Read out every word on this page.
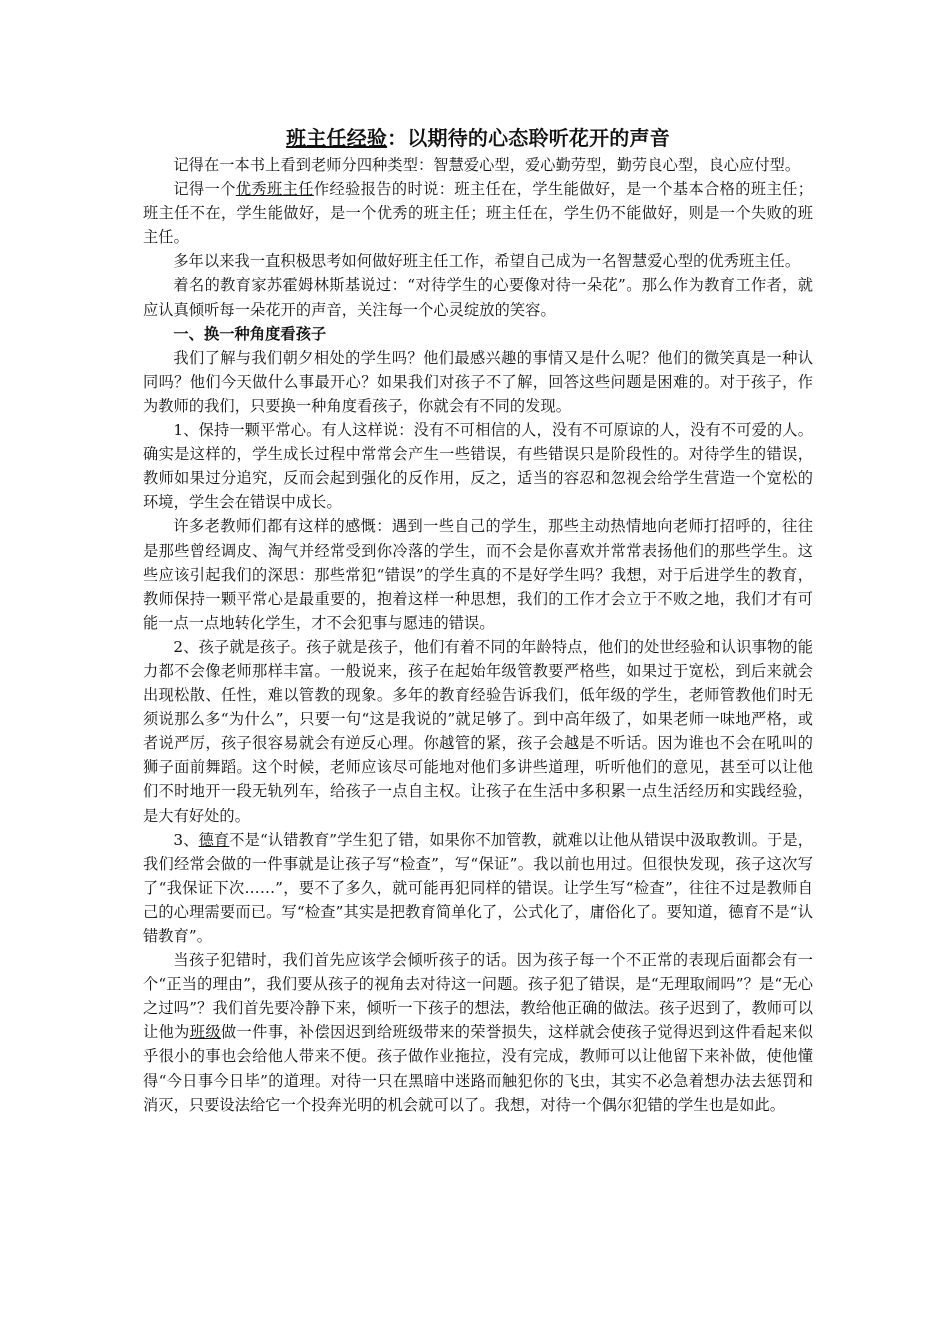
班主任经验：以期待的心态聆听花开的声音

记得在一本书上看到老师分四种类型：智慧爱心型，爱心勤劳型，勤劳良心型，良心应付型。

记得一个优秀班主任作经验报告的时说：班主任在，学生能做好，是一个基本合格的班主任；班主任不在，学生能做好，是一个优秀的班主任；班主任在，学生仍不能做好，则是一个失败的班主任。

多年以来我一直积极思考如何做好班主任工作，希望自己成为一名智慧爱心型的优秀班主任。

着名的教育家苏霍姆林斯基说过：“对待学生的心要像对待一朵花”。那么作为教育工作者，就应认真倾听每一朵花开的声音，关注每一个心灵绽放的笑容。

一、换一种角度看孩子

我们了解与我们朝夕相处的学生吗？他们最感兴趣的事情又是什么呢？他们的微笑真是一种认同吗？他们今天做什么事最开心？如果我们对孩子不了解，回答这些问题是困难的。对于孩子，作为教师的我们，只要换一种角度看孩子，你就会有不同的发现。

1、保持一颗平常心。有人这样说：没有不可相信的人，没有不可原谅的人，没有不可爱的人。确实是这样的，学生成长过程中常常会产生一些错误，有些错误只是阶段性的。对待学生的错误，教师如果过分追究，反而会起到强化的反作用，反之，适当的容忍和忽视会给学生营造一个宽松的环境，学生会在错误中成长。

许多老教师们都有这样的感慨：遇到一些自己的学生，那些主动热情地向老师打招呼的，往往是那些曾经调皮、淘气并经常受到你冷落的学生，而不会是你喜欢并常常表扬他们的那些学生。这些应该引起我们的深思：那些常犯“错误”的学生真的不是好学生吗？我想，对于后进学生的教育，教师保持一颗平常心是最重要的，抱着这样一种思想，我们的工作才会立于不败之地，我们才有可能一点一点地转化学生，才不会犯事与愿违的错误。

2、孩子就是孩子。孩子就是孩子，他们有着不同的年龄特点，他们的处世经验和认识事物的能力都不会像老师那样丰富。一般说来，孩子在起始年级管教要严格些，如果过于宽松，到后来就会出现松散、任性，难以管教的现象。多年的教育经验告诉我们，低年级的学生，老师管教他们时无须说那么多“为什么”，只要一句“这是我说的”就足够了。到中高年级了，如果老师一味地严格，或者说严厉，孩子很容易就会有逆反心理。你越管的紧，孩子会越是不听话。因为谁也不会在吼叫的狮子面前舞蹈。这个时候，老师应该尽可能地对他们多讲些道理，听听他们的意见，甚至可以让他们不时地开一段无轨列车，给孩子一点自主权。让孩子在生活中多积累一点生活经历和实践经验，是大有好处的。

3、德育不是“认错教育”学生犯了错，如果你不加管教，就难以让他从错误中汲取教训。于是，我们经常会做的一件事就是让孩子写“检查”，写“保证”。我以前也用过。但很快发现，孩子这次写了“我保证下次……”，要不了多久，就可能再犯同样的错误。让学生写“检查”，往往不过是教师自己的心理需要而已。写“检查”其实是把教育简单化了，公式化了，庸俗化了。要知道，德育不是“认错教育”。

当孩子犯错时，我们首先应该学会倾听孩子的话。因为孩子每一个不正常的表现后面都会有一个“正当的理由”，我们要从孩子的视角去对待这一问题。孩子犯了错误，是“无理取闹吗”？是“无心之过吗”？我们首先要冷静下来，倾听一下孩子的想法，教给他正确的做法。孩子迟到了，教师可以让他为班级做一件事，补偿因迟到给班级带来的荣誉损失，这样就会使孩子觉得迟到这件看起来似乎很小的事也会给他人带来不便。孩子做作业拖拉，没有完成，教师可以让他留下来补做，使他懂得“今日事今日毕”的道理。对待一只在黑暗中迷路而触犯你的飞虫，其实不必急着想办法去惩罚和消灭，只要设法给它一个投奔光明的机会就可以了。我想，对待一个偶尔犯错的学生也是如此。
